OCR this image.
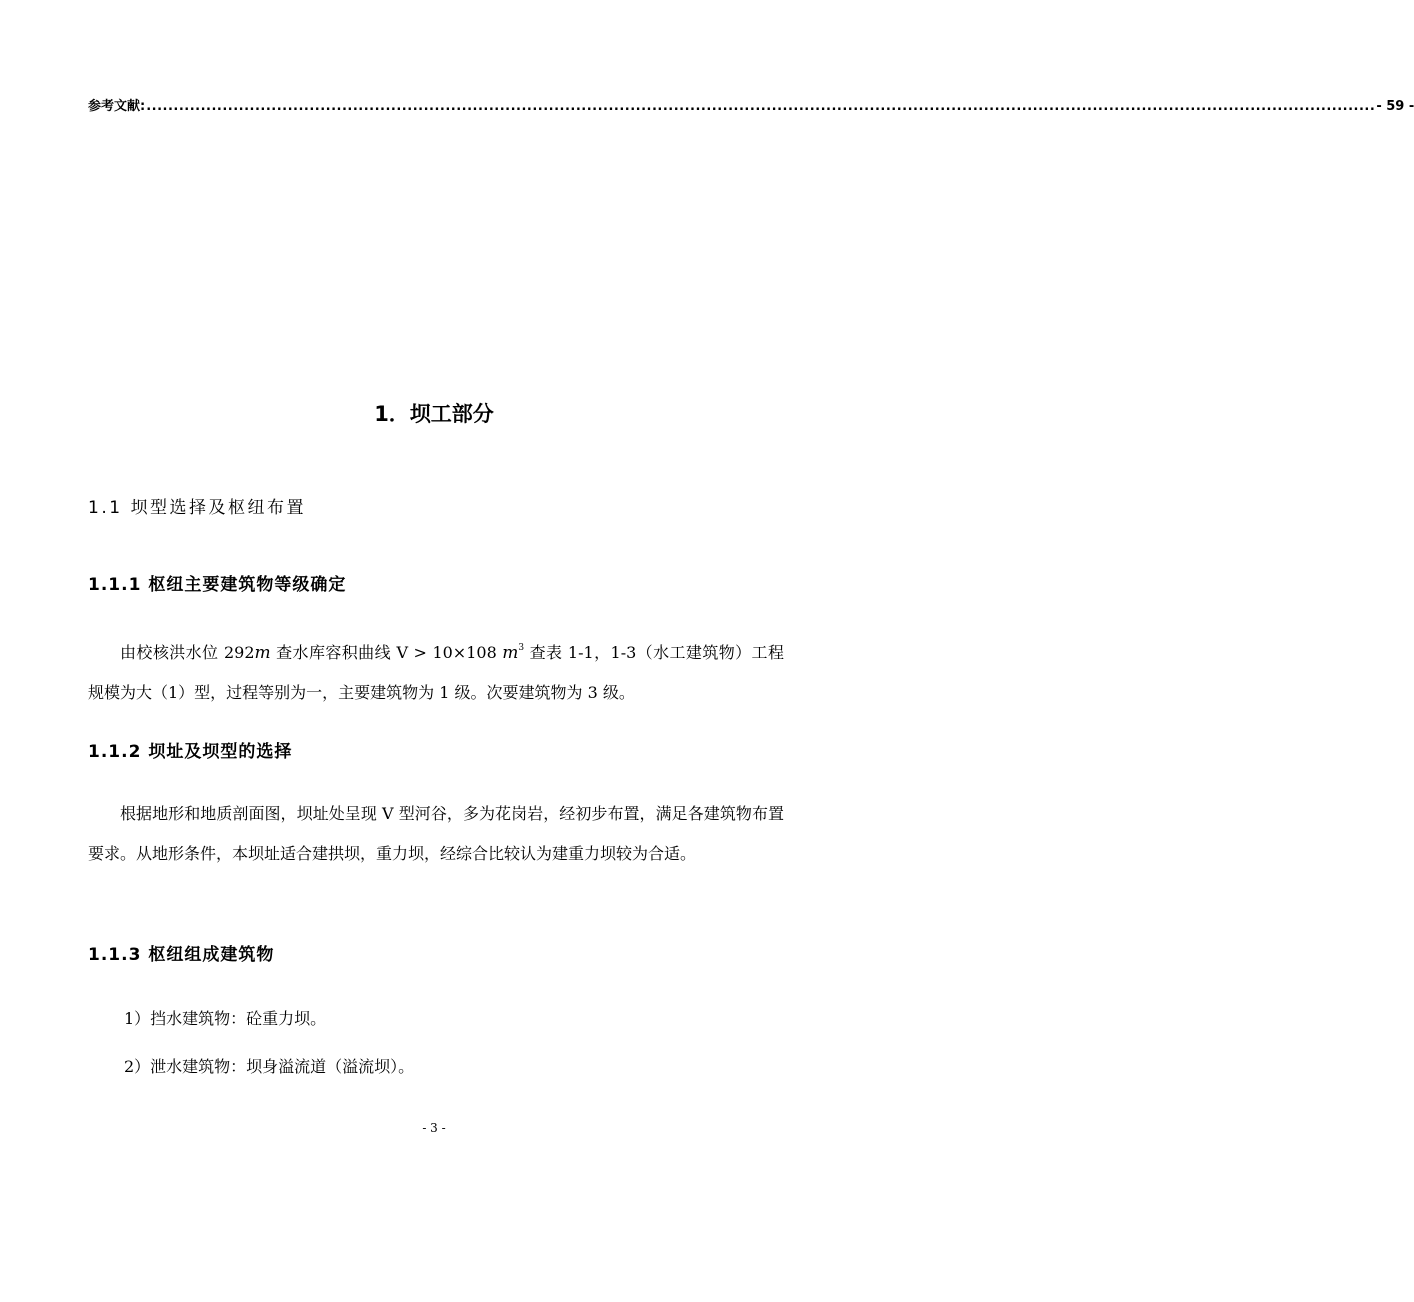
参考文献: .................................................................................................................................................................................................................................. - 59 -
1．坝工部分
1.1 坝型选择及枢纽布置
1.1.1 枢纽主要建筑物等级确定
由校核洪水位 292m 查水库容积曲线 V > 10×108 $m^3$ 查表 1-1，1-3（水工建筑物）工程规模为大（1）型，过程等别为一，主要建筑物为 1 级。次要建筑物为 3 级。
1.1.2 坝址及坝型的选择
根据地形和地质剖面图，坝址处呈现 V 型河谷，多为花岗岩，经初步布置，满足各建筑物布置要求。从地形条件，本坝址适合建拱坝，重力坝，经综合比较认为建重力坝较为合适。
1.1.3 枢纽组成建筑物
1）挡水建筑物：砼重力坝。
2）泄水建筑物：坝身溢流道（溢流坝）。
- 3 -
